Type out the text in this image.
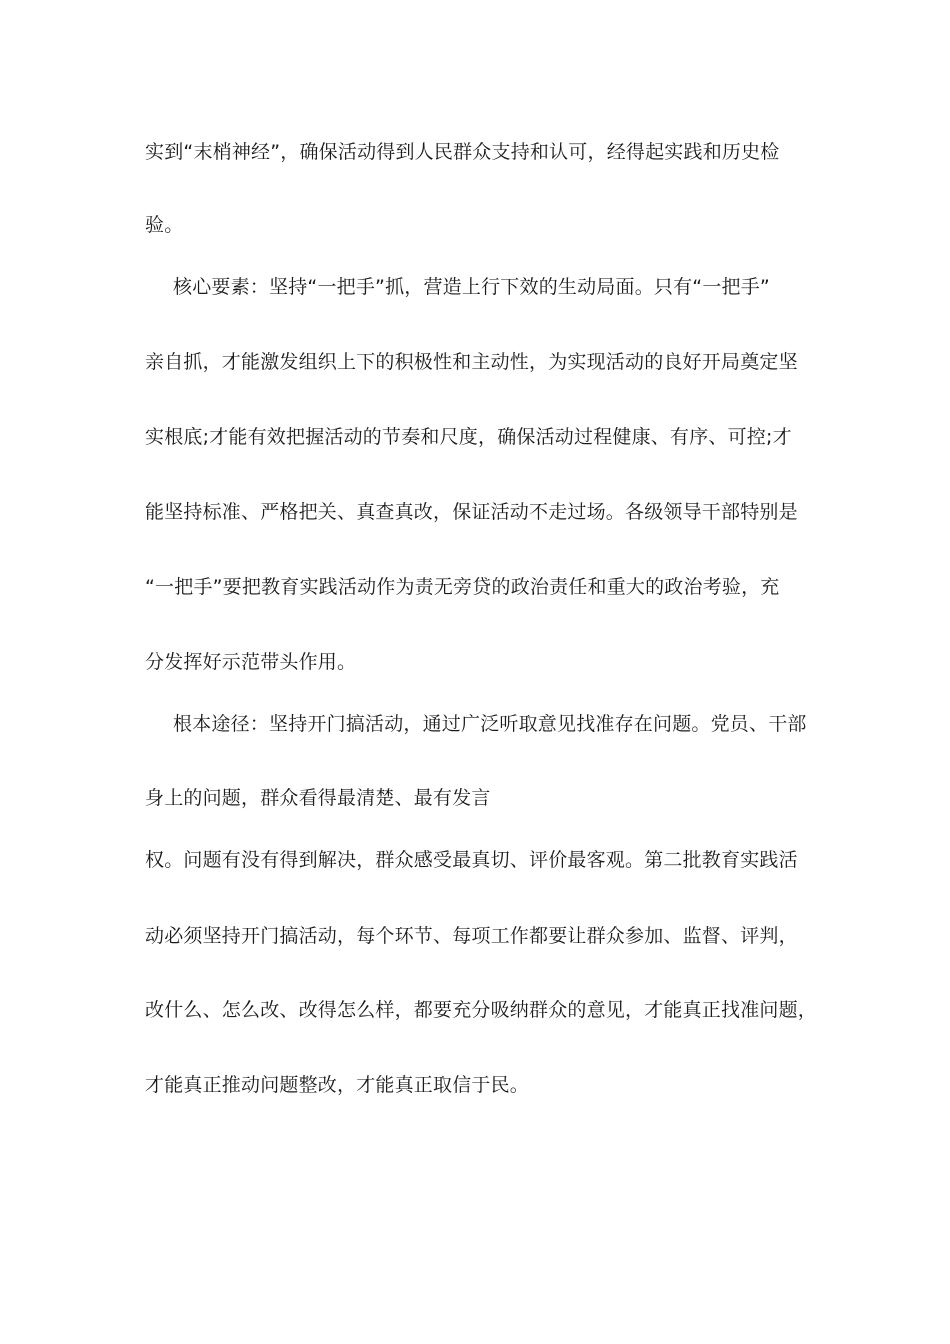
实到“末梢神经”，确保活动得到人民群众支持和认可，经得起实践和历史检
验。
核心要素：坚持“一把手”抓，营造上行下效的生动局面。只有“一把手”
亲自抓，才能激发组织上下的积极性和主动性，为实现活动的良好开局奠定坚
实根底;才能有效把握活动的节奏和尺度，确保活动过程健康、有序、可控;才
能坚持标准、严格把关、真查真改，保证活动不走过场。各级领导干部特别是
“一把手”要把教育实践活动作为责无旁贷的政治责任和重大的政治考验，充
分发挥好示范带头作用。
根本途径：坚持开门搞活动，通过广泛听取意见找准存在问题。党员、干部
身上的问题，群众看得最清楚、最有发言
权。问题有没有得到解决，群众感受最真切、评价最客观。第二批教育实践活
动必须坚持开门搞活动，每个环节、每项工作都要让群众参加、监督、评判，
改什么、怎么改、改得怎么样，都要充分吸纳群众的意见，才能真正找准问题，
才能真正推动问题整改，才能真正取信于民。
